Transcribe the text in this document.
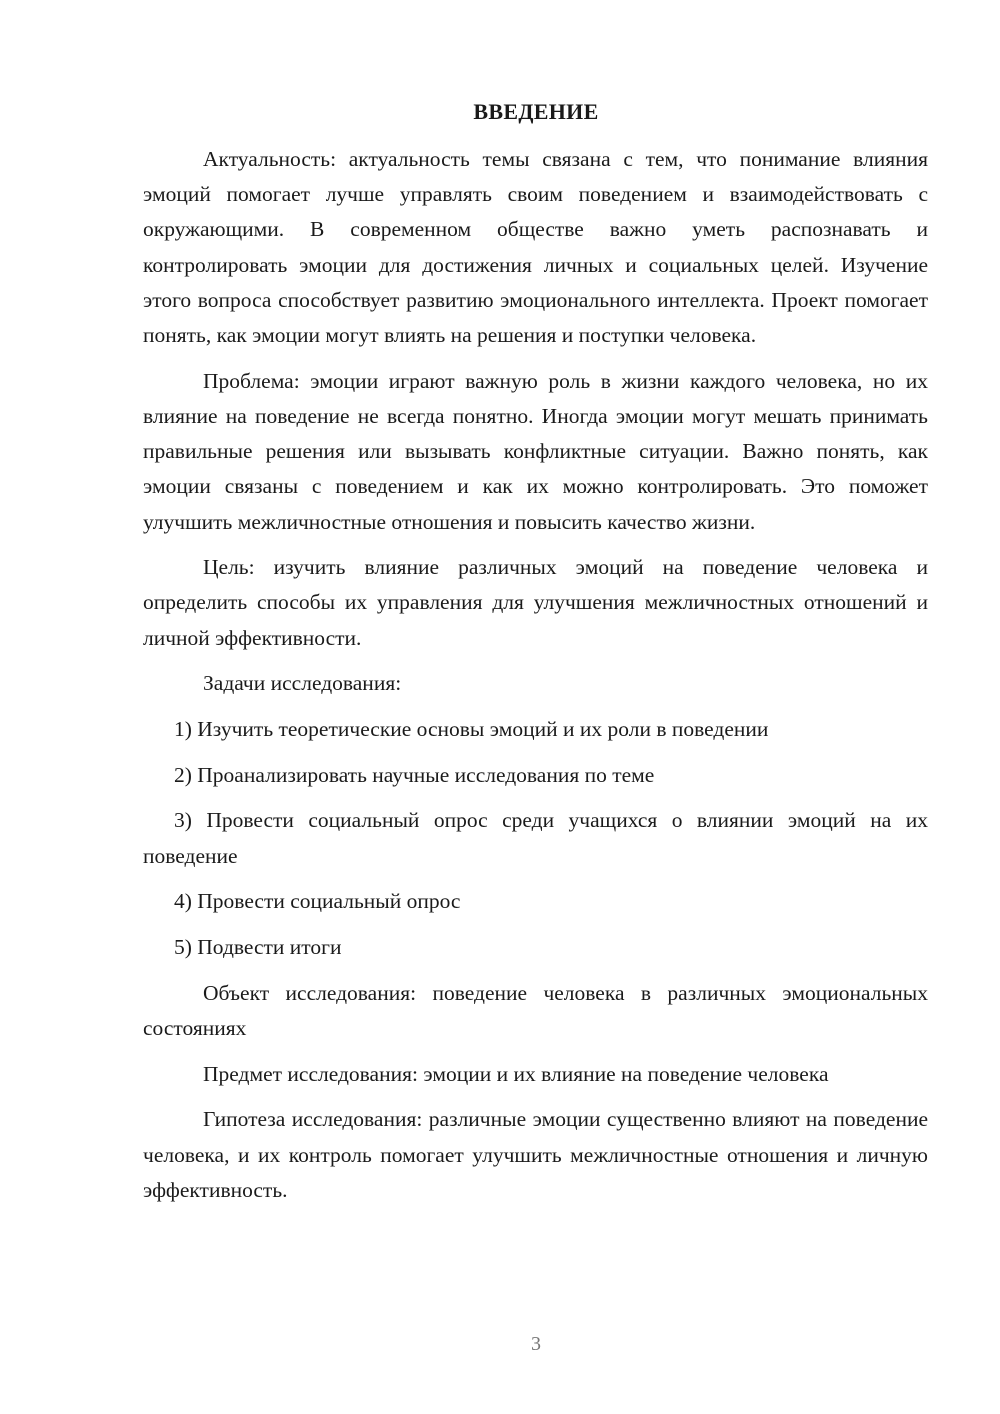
ВВЕДЕНИЕ

Актуальность: актуальность темы связана с тем, что понимание влияния эмоций помогает лучше управлять своим поведением и взаимодействовать с окружающими. В современном обществе важно уметь распознавать и контролировать эмоции для достижения личных и социальных целей. Изучение этого вопроса способствует развитию эмоционального интеллекта. Проект помогает понять, как эмоции могут влиять на решения и поступки человека.

Проблема: эмоции играют важную роль в жизни каждого человека, но их влияние на поведение не всегда понятно. Иногда эмоции могут мешать принимать правильные решения или вызывать конфликтные ситуации. Важно понять, как эмоции связаны с поведением и как их можно контролировать. Это поможет улучшить межличностные отношения и повысить качество жизни.

Цель: изучить влияние различных эмоций на поведение человека и определить способы их управления для улучшения межличностных отношений и личной эффективности.

Задачи исследования:

1) Изучить теоретические основы эмоций и их роли в поведении

2) Проанализировать научные исследования по теме

3) Провести социальный опрос среди учащихся о влиянии эмоций на их поведение

4) Провести социальный опрос

5) Подвести итоги

Объект исследования: поведение человека в различных эмоциональных состояниях

Предмет исследования: эмоции и их влияние на поведение человека

Гипотеза исследования: различные эмоции существенно влияют на поведение человека, и их контроль помогает улучшить межличностные отношения и личную эффективность.

3
